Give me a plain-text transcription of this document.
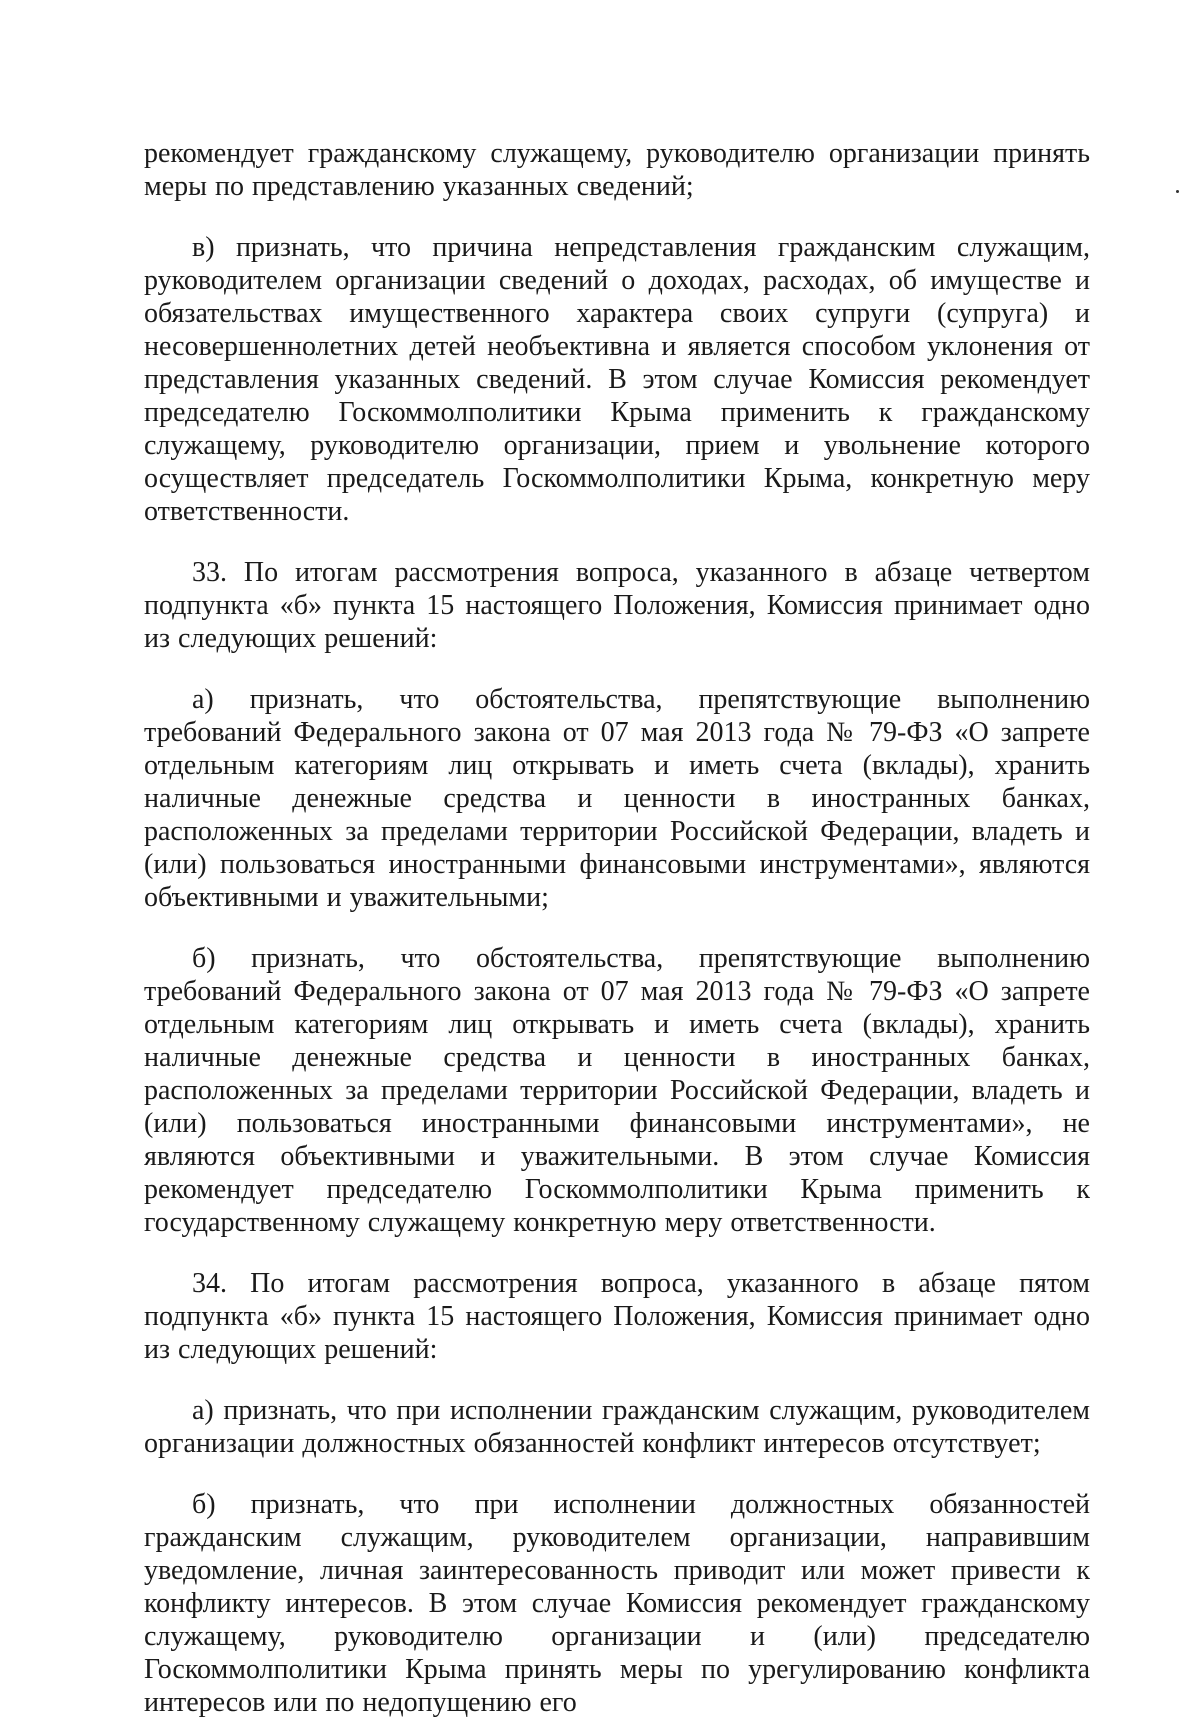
рекомендует гражданскому служащему, руководителю организации принять меры по представлению указанных сведений;

в) признать, что причина непредставления гражданским служащим, руководителем организации сведений о доходах, расходах, об имуществе и обязательствах имущественного характера своих супруги (супруга) и несовершеннолетних детей необъективна и является способом уклонения от представления указанных сведений. В этом случае Комиссия рекомендует председателю Госкоммолполитики Крыма применить к гражданскому служащему, руководителю организации, прием и увольнение которого осуществляет председатель Госкоммолполитики Крыма, конкретную меру ответственности.

33. По итогам рассмотрения вопроса, указанного в абзаце четвертом подпункта «б» пункта 15 настоящего Положения, Комиссия принимает одно из следующих решений:

а) признать, что обстоятельства, препятствующие выполнению требований Федерального закона от 07 мая 2013 года № 79-ФЗ «О запрете отдельным категориям лиц открывать и иметь счета (вклады), хранить наличные денежные средства и ценности в иностранных банках, расположенных за пределами территории Российской Федерации, владеть и (или) пользоваться иностранными финансовыми инструментами», являются объективными и уважительными;

б) признать, что обстоятельства, препятствующие выполнению требований Федерального закона от 07 мая 2013 года № 79-ФЗ «О запрете отдельным категориям лиц открывать и иметь счета (вклады), хранить наличные денежные средства и ценности в иностранных банках, расположенных за пределами территории Российской Федерации, владеть и (или) пользоваться иностранными финансовыми инструментами», не являются объективными и уважительными. В этом случае Комиссия рекомендует председателю Госкоммолполитики Крыма применить к государственному служащему конкретную меру ответственности.

34. По итогам рассмотрения вопроса, указанного в абзаце пятом подпункта «б» пункта 15 настоящего Положения, Комиссия принимает одно из следующих решений:

а) признать, что при исполнении гражданским служащим, руководителем организации должностных обязанностей конфликт интересов отсутствует;

б) признать, что при исполнении должностных обязанностей гражданским служащим, руководителем организации, направившим уведомление, личная заинтересованность приводит или может привести к конфликту интересов. В этом случае Комиссия рекомендует гражданскому служащему, руководителю организации и (или) председателю Госкоммолполитики Крыма принять меры по урегулированию конфликта интересов или по недопущению его
